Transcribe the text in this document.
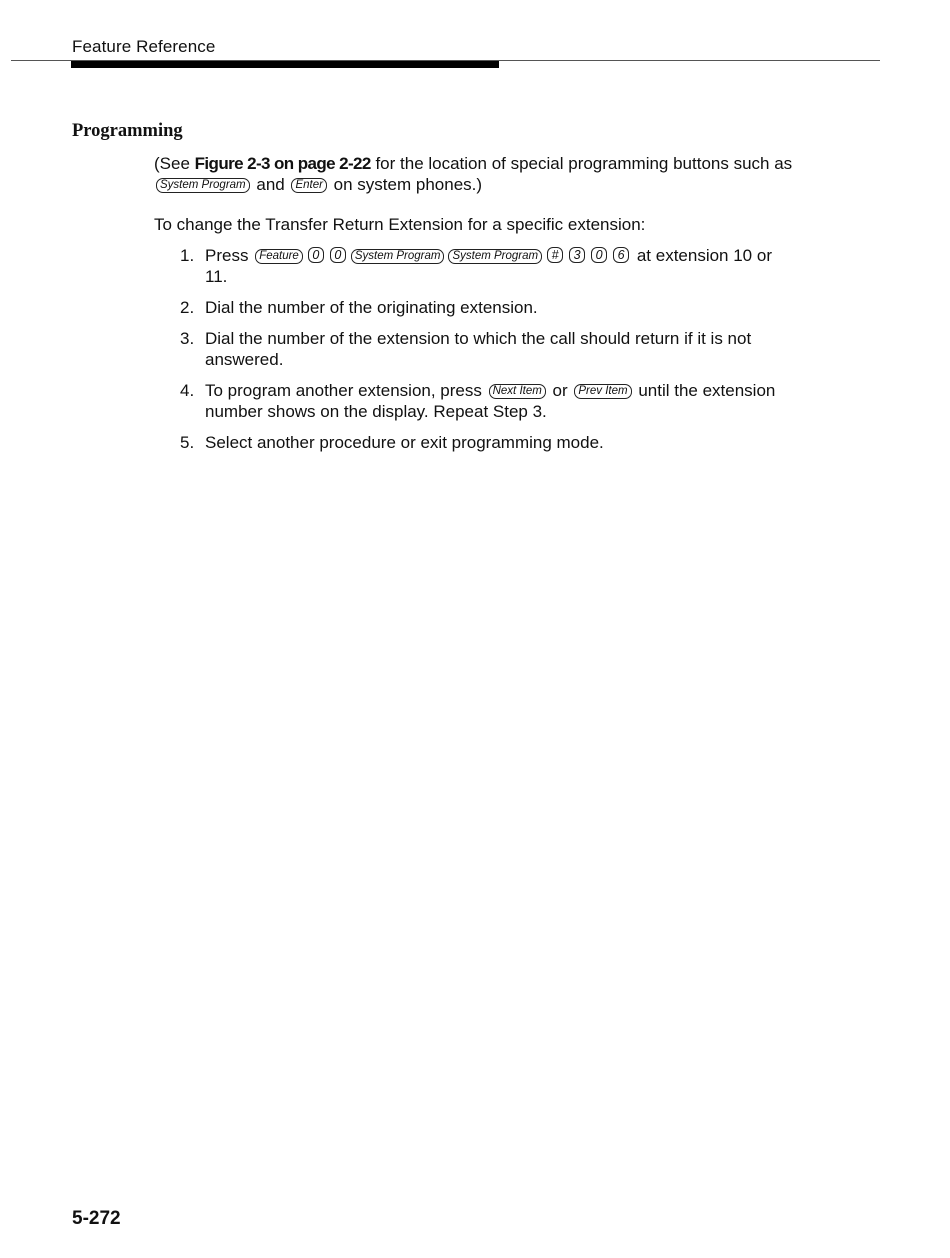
Feature Reference
Programming

(See Figure 2-3 on page 2-22 for the location of special programming buttons such as System Program and Enter on system phones.)

To change the Transfer Return Extension for a specific extension:

1. Press Feature 0 0 System Program System Program # 3 0 6 at extension 10 or 11.
2. Dial the number of the originating extension.
3. Dial the number of the extension to which the call should return if it is not answered.
4. To program another extension, press Next Item or Prev Item until the extension number shows on the display. Repeat Step 3.
5. Select another procedure or exit programming mode.
5-272
